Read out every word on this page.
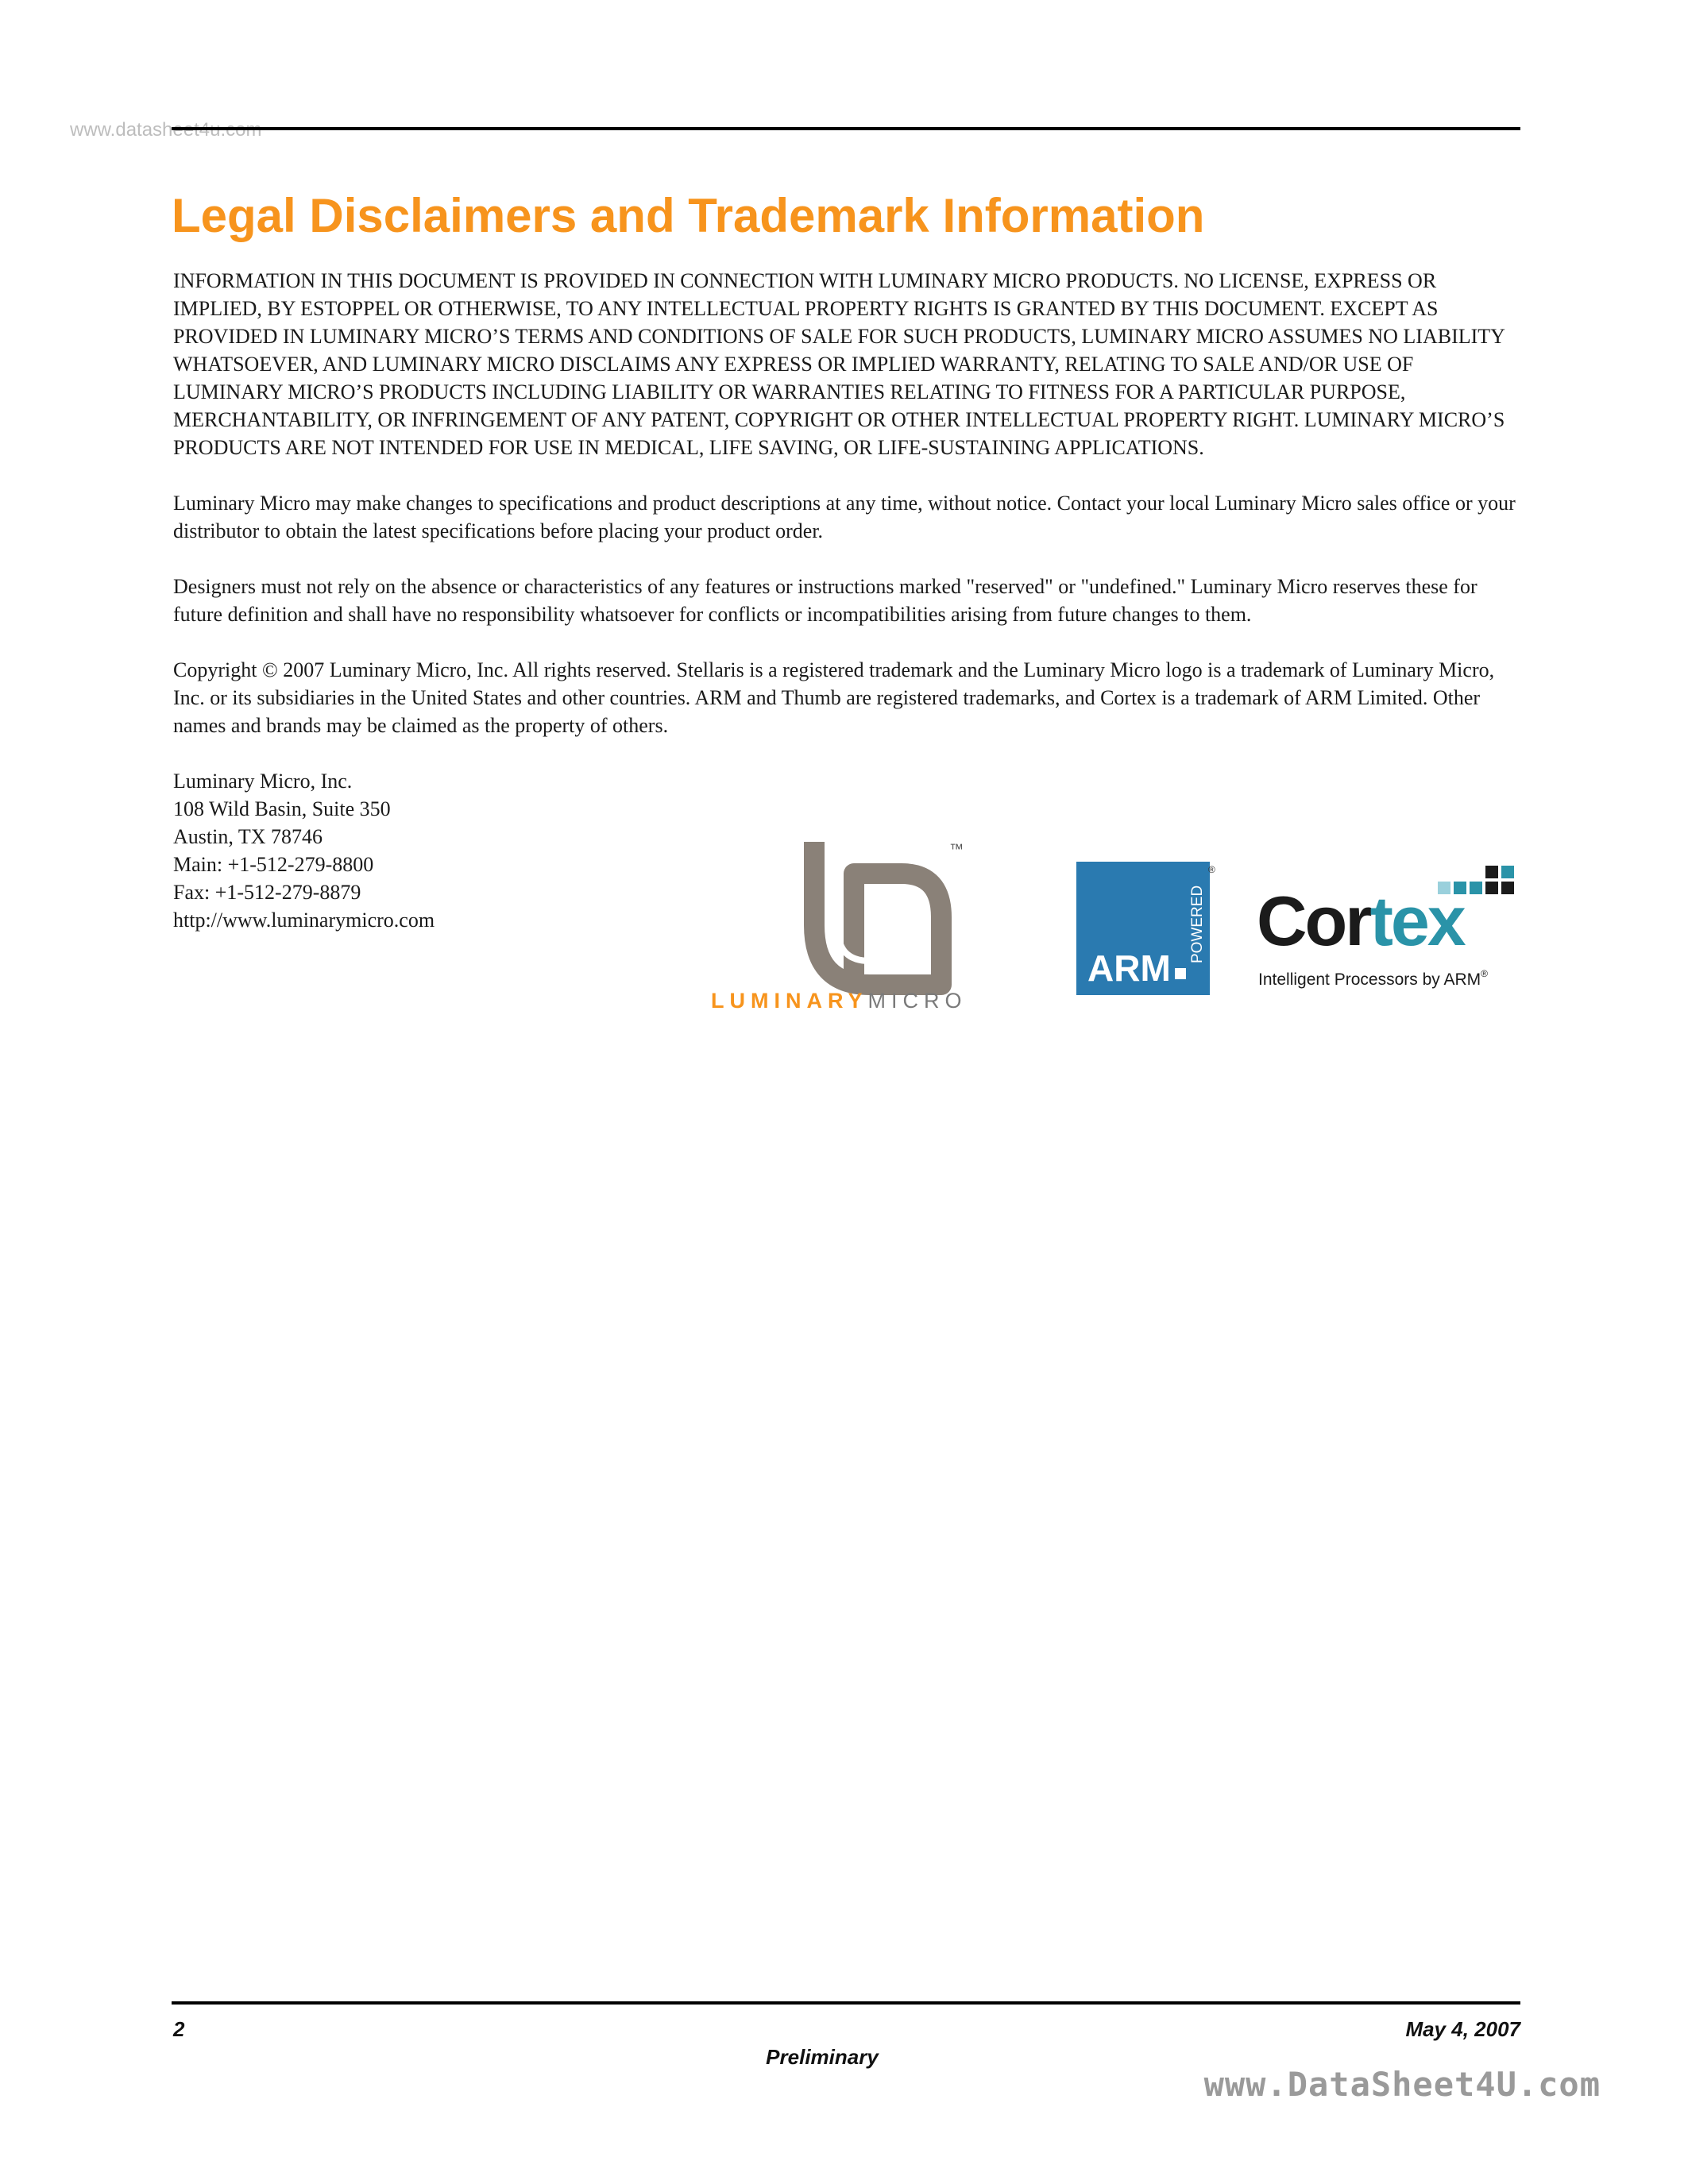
www.datasheet4u.com
Legal Disclaimers and Trademark Information

INFORMATION IN THIS DOCUMENT IS PROVIDED IN CONNECTION WITH LUMINARY MICRO PRODUCTS. NO LICENSE, EXPRESS OR IMPLIED, BY ESTOPPEL OR OTHERWISE, TO ANY INTELLECTUAL PROPERTY RIGHTS IS GRANTED BY THIS DOCUMENT. EXCEPT AS PROVIDED IN LUMINARY MICRO’S TERMS AND CONDITIONS OF SALE FOR SUCH PRODUCTS, LUMINARY MICRO ASSUMES NO LIABILITY WHATSOEVER, AND LUMINARY MICRO DISCLAIMS ANY EXPRESS OR IMPLIED WARRANTY, RELATING TO SALE AND/OR USE OF LUMINARY MICRO’S PRODUCTS INCLUDING LIABILITY OR WARRANTIES RELATING TO FITNESS FOR A PARTICULAR PURPOSE, MERCHANTABILITY, OR INFRINGEMENT OF ANY PATENT, COPYRIGHT OR OTHER INTELLECTUAL PROPERTY RIGHT. LUMINARY MICRO’S PRODUCTS ARE NOT INTENDED FOR USE IN MEDICAL, LIFE SAVING, OR LIFE-SUSTAINING APPLICATIONS.

Luminary Micro may make changes to specifications and product descriptions at any time, without notice. Contact your local Luminary Micro sales office or your distributor to obtain the latest specifications before placing your product order.

Designers must not rely on the absence or characteristics of any features or instructions marked "reserved" or "undefined." Luminary Micro reserves these for future definition and shall have no responsibility whatsoever for conflicts or incompatibilities arising from future changes to them.

Copyright © 2007 Luminary Micro, Inc. All rights reserved. Stellaris is a registered trademark and the Luminary Micro logo is a trademark of Luminary Micro, Inc. or its subsidiaries in the United States and other countries. ARM and Thumb are registered trademarks, and Cortex is a trademark of ARM Limited. Other names and brands may be claimed as the property of others.

Luminary Micro, Inc.
108 Wild Basin, Suite 350
Austin, TX 78746
Main: +1-512-279-8800
Fax: +1-512-279-8879
http://www.luminarymicro.com
™
LUMINARYMICRO
ARM
POWERED
®
Cortex
Intelligent Processors by ARM®
2	May 4, 2007
Preliminary
www.DataSheet4U.com
